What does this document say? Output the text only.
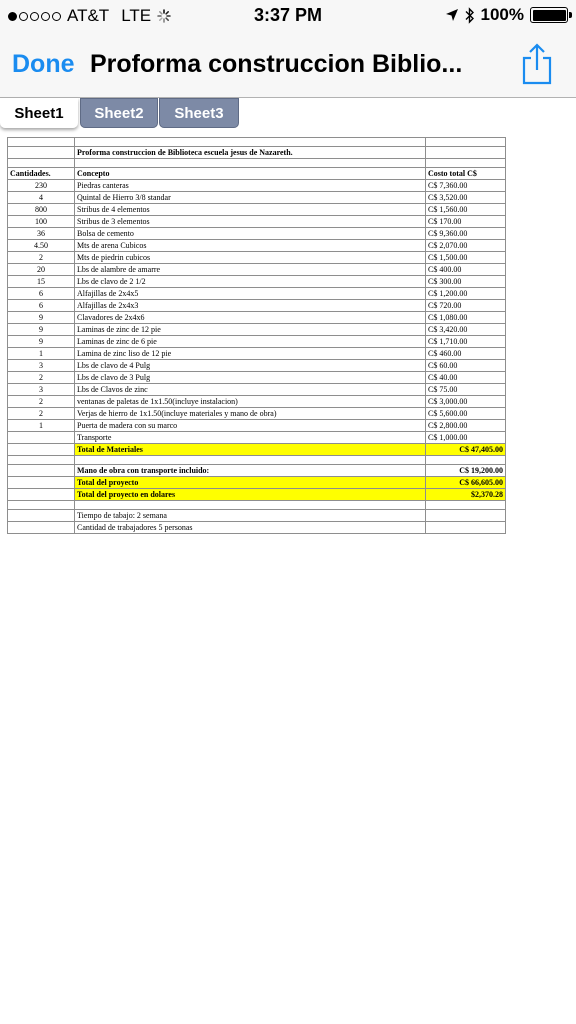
AT&T LTE	3:37 PM	100%
Done Proforma construccion Biblio...
Sheet1	Sheet2	Sheet3

	Proforma construccion de Biblioteca escuela jesus de Nazareth.	

Cantidades.	Concepto	Costo total C$
230	Piedras canteras	C$ 7,360.00
4	Quintal de Hierro 3/8 standar	C$ 3,520.00
800	Stribus de 4 elementos	C$ 1,560.00
100	Stribus de 3 elementos	C$ 170.00
36	Bolsa de cemento	C$ 9,360.00
4.50	Mts de arena Cubicos	C$ 2,070.00
2	Mts de piedrin cubicos	C$ 1,500.00
20	Lbs de alambre de amarre	C$ 400.00
15	Lbs de clavo de 2 1/2	C$ 300.00
6	Alfajillas de 2x4x5	C$ 1,200.00
6	Alfajillas de 2x4x3	C$ 720.00
9	Clavadores de 2x4x6	C$ 1,080.00
9	Laminas de zinc de 12 pie	C$ 3,420.00
9	Laminas de zinc de 6 pie	C$ 1,710.00
1	Lamina de zinc liso de 12 pie	C$ 460.00
3	Lbs de clavo de 4 Pulg	C$ 60.00
2	Lbs de clavo de 3 Pulg	C$ 40.00
3	Lbs de Clavos de zinc	C$ 75.00
2	ventanas de paletas de 1x1.50(incluye instalacion)	C$ 3,000.00
2	Verjas de hierro de 1x1.50(incluye materiales y mano de obra)	C$ 5,600.00
1	Puerta de madera con su marco	C$ 2,800.00
	Transporte	C$ 1,000.00
	Total de Materiales	C$ 47,405.00

	Mano de obra con transporte incluido:	C$ 19,200.00
	Total del proyecto	C$ 66,605.00
	Total del proyecto en dolares	$2,370.28

	Tiempo de tabajo: 2 semana	
	Cantidad de trabajadores 5 personas	
